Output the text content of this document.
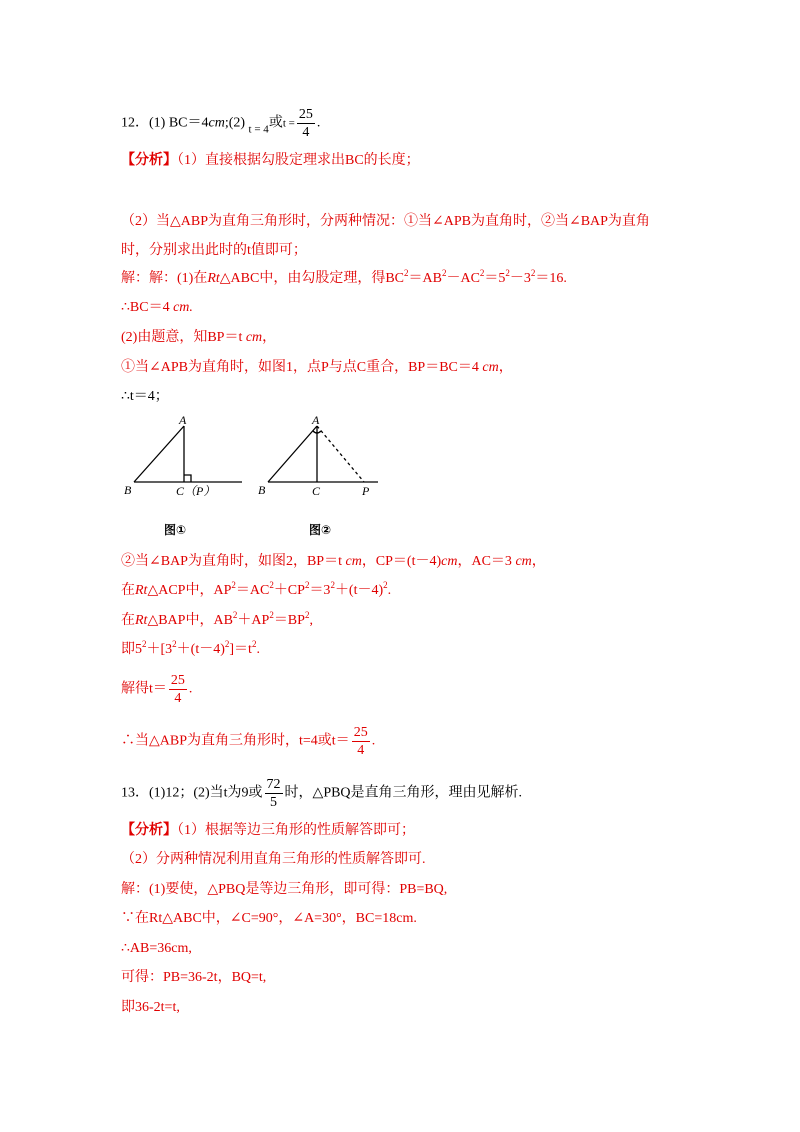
12．(1) BC＝4cm;(2) $_{t = 4}$或$t = \frac{25}{4}$ .
【分析】（1）直接根据勾股定理求出BC的长度；
（2）当△ABP为直角三角形时，分两种情况：①当∠APB为直角时，②当∠BAP为直角
时，分别求出此时的t值即可；
解：解：(1)在Rt△ABC中，由勾股定理，得$BC^2=AB^2-AC^2=5^2-3^2=16$.
∴BC＝4 cm.
(2)由题意，知BP＝t cm，
①当∠APB为直角时，如图1，点P与点C重合，BP＝BC＝4 cm，
∴t＝4；
A
B	C（P）
A
B	C	P
图①	图②
②当∠BAP为直角时，如图2，BP＝t cm，CP＝(t－4)cm，AC＝3 cm，
在Rt△ACP中，$AP^2=AC^2+CP^2=3^2+(t-4)^2$.
在Rt△BAP中，$AB^2+AP^2=BP^2$,
即$5^2+[3^2+(t-4)^2]=t^2$.
解得$t= \frac{25}{4}$ .
∴当△ABP为直角三角形时，t=4或$t= \frac{25}{4}$ .
13．(1)12；(2)当t为9或 $\frac{72}{5}$ 时，△PBQ是直角三角形，理由见解析.
【分析】（1）根据等边三角形的性质解答即可；
（2）分两种情况利用直角三角形的性质解答即可.
解：(1)要使，△PBQ是等边三角形，即可得：PB=BQ,
∵在Rt△ABC中，∠C=90°，∠A=30°，BC=18cm.
∴AB=36cm,
可得：PB=36-2t，BQ=t,
即36-2t=t,
